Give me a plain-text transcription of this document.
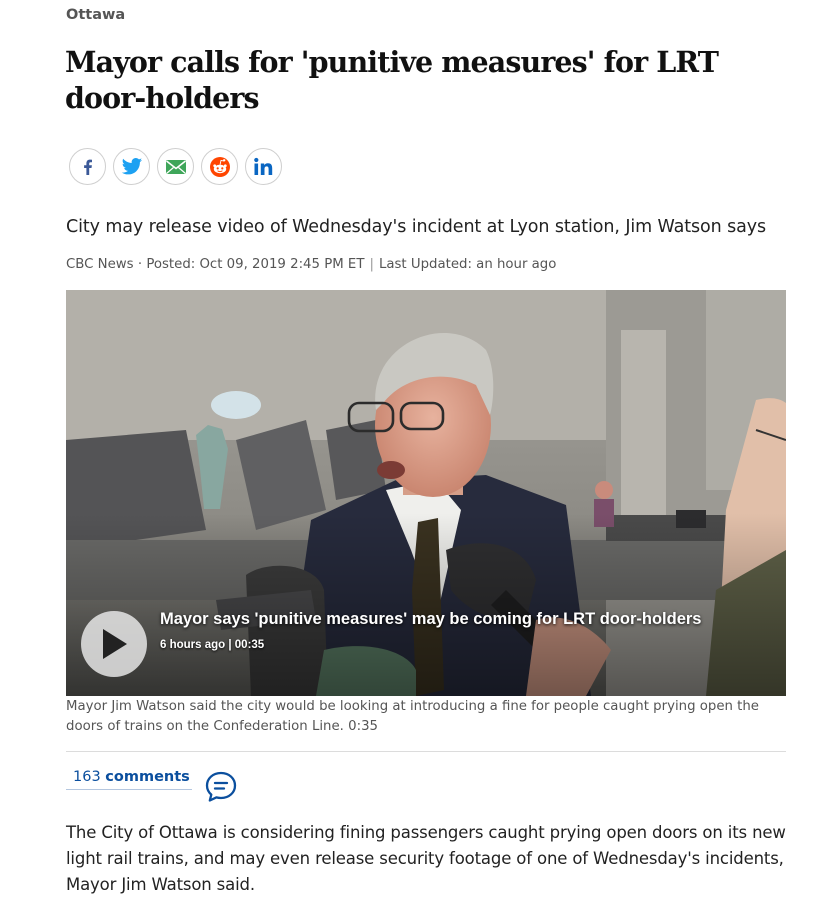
Ottawa
Mayor calls for 'punitive measures' for LRT door-holders

City may release video of Wednesday's incident at Lyon station, Jim Watson says

CBC News · Posted: Oct 09, 2019 2:45 PM ET | Last Updated: an hour ago
Mayor says 'punitive measures' may be coming for LRT door-holders
6 hours ago | 00:35

Mayor Jim Watson said the city would be looking at introducing a fine for people caught prying open the doors of trains on the Confederation Line. 0:35

163 comments

The City of Ottawa is considering fining passengers caught prying open doors on its new light rail trains, and may even release security footage of one of Wednesday's incidents, Mayor Jim Watson said.
